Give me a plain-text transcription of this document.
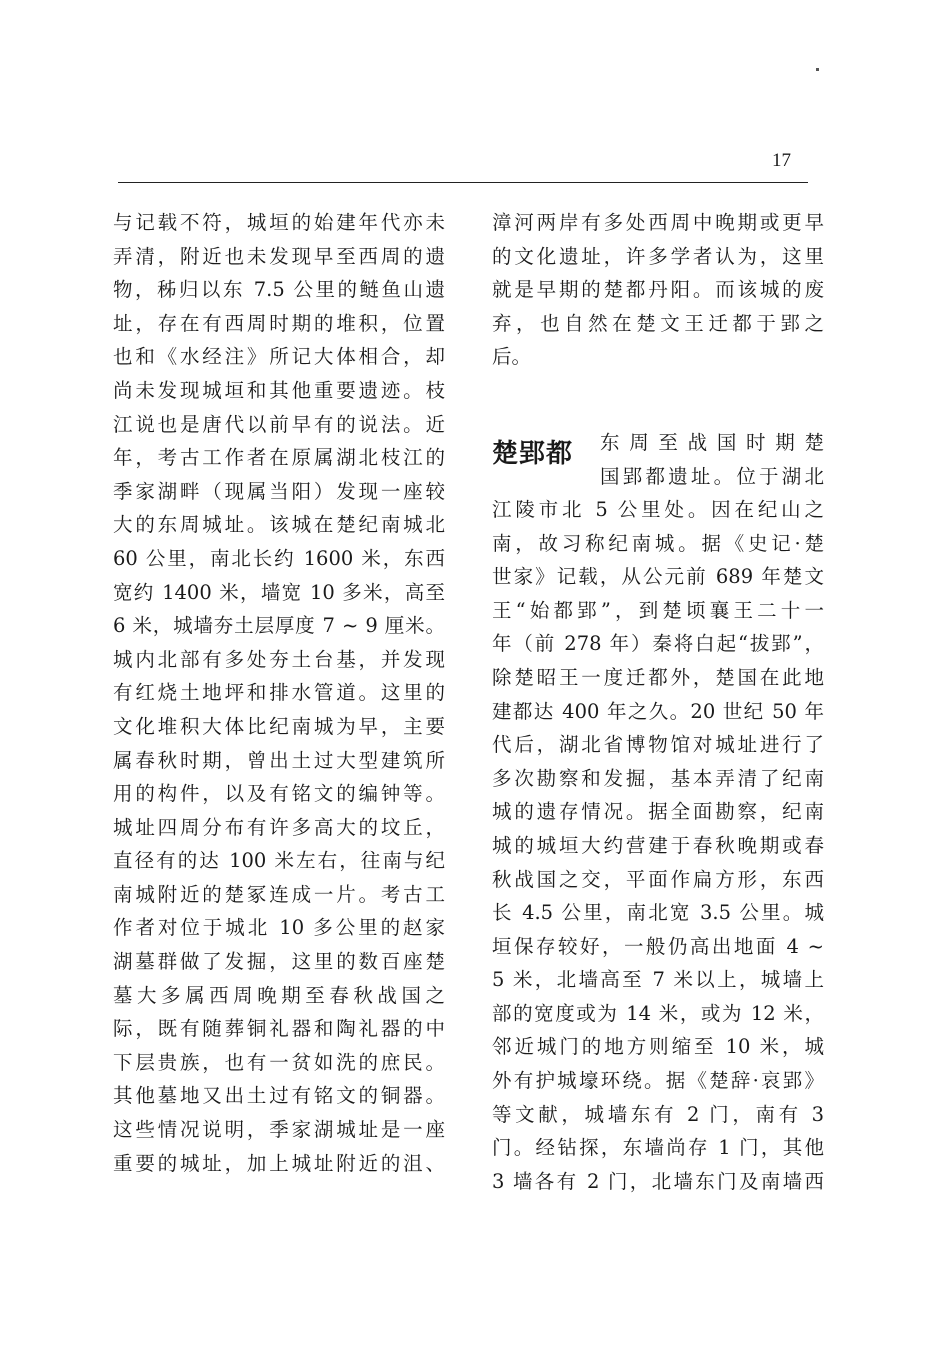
17
与记载不符，城垣的始建年代亦未
弄清，附近也未发现早至西周的遗
物，秭归以东 7.5 公里的鲢鱼山遗
址，存在有西周时期的堆积，位置
也和《水经注》所记大体相合，却
尚未发现城垣和其他重要遗迹。枝
江说也是唐代以前早有的说法。近
年，考古工作者在原属湖北枝江的
季家湖畔（现属当阳）发现一座较
大的东周城址。该城在楚纪南城北
60 公里，南北长约 1600 米，东西
宽约 1400 米，墙宽 10 多米，高至
6 米，城墙夯土层厚度 7 ~ 9 厘米。
城内北部有多处夯土台基，并发现
有红烧土地坪和排水管道。这里的
文化堆积大体比纪南城为早，主要
属春秋时期，曾出土过大型建筑所
用的构件，以及有铭文的编钟等。
城址四周分布有许多高大的坟丘，
直径有的达 100 米左右，往南与纪
南城附近的楚冢连成一片。考古工
作者对位于城北 10 多公里的赵家
湖墓群做了发掘，这里的数百座楚
墓大多属西周晚期至春秋战国之
际，既有随葬铜礼器和陶礼器的中
下层贵族，也有一贫如洗的庶民。
其他墓地又出土过有铭文的铜器。
这些情况说明，季家湖城址是一座
重要的城址，加上城址附近的沮、
漳河两岸有多处西周中晚期或更早
的文化遗址，许多学者认为，这里
就是早期的楚都丹阳。而该城的废
弃，也自然在楚文王迁都于郢之
后。
楚郢都 东周至战国时期楚
国郢都遗址。位于湖北
江陵市北 5 公里处。因在纪山之
南，故习称纪南城。据《史记·楚
世家》记载，从公元前 689 年楚文
王“始都郢”，到楚顷襄王二十一
年（前 278 年）秦将白起“拔郢”，
除楚昭王一度迁都外，楚国在此地
建都达 400 年之久。20 世纪 50 年
代后，湖北省博物馆对城址进行了
多次勘察和发掘，基本弄清了纪南
城的遗存情况。据全面勘察，纪南
城的城垣大约营建于春秋晚期或春
秋战国之交，平面作扁方形，东西
长 4.5 公里，南北宽 3.5 公里。城
垣保存较好，一般仍高出地面 4 ~
5 米，北墙高至 7 米以上，城墙上
部的宽度或为 14 米，或为 12 米，
邻近城门的地方则缩至 10 米，城
外有护城壕环绕。据《楚辞·哀郢》
等文献，城墙东有 2 门，南有 3
门。经钻探，东墙尚存 1 门，其他
3 墙各有 2 门，北墙东门及南墙西
